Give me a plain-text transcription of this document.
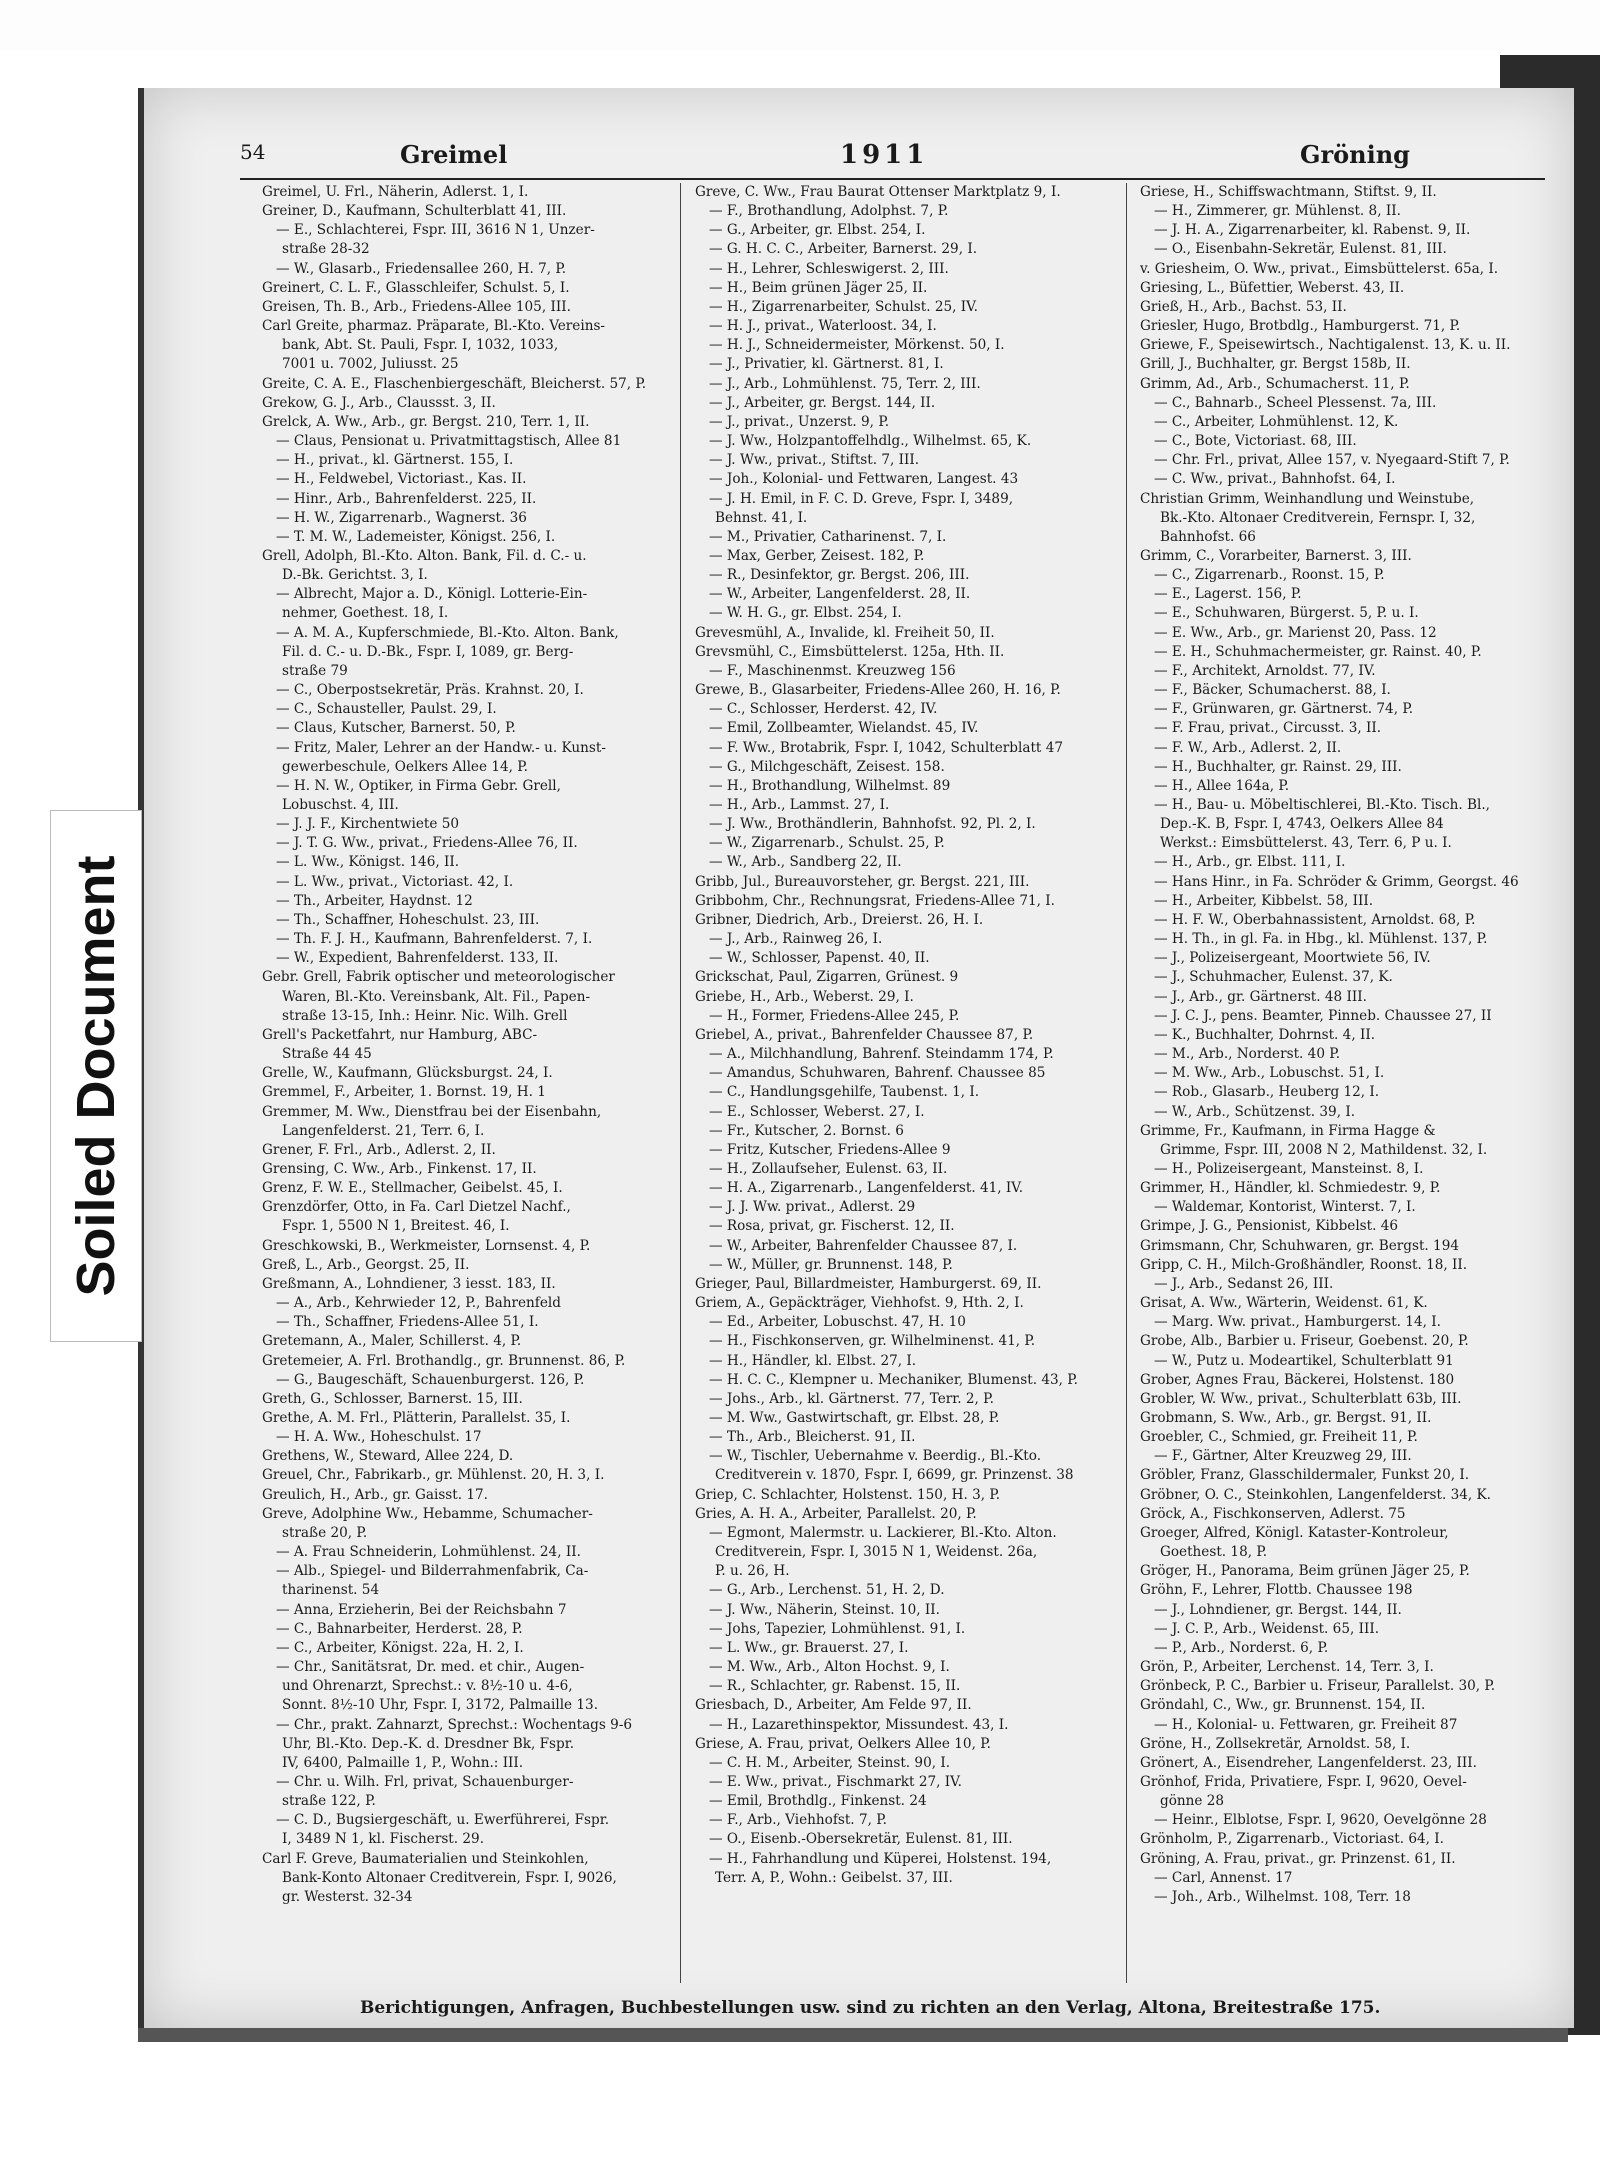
Soiled Document
54	Greimel	1911	Gröning
Greimel, U. Frl., Näherin, Adlerst. 1, I.
Greiner, D., Kaufmann, Schulterblatt 41, III.
— E., Schlachterei, Fspr. III, 3616 N 1, Unzer-
straße 28-32
— W., Glasarb., Friedensallee 260, H. 7, P.
Greinert, C. L. F., Glasschleifer, Schulst. 5, I.
Greisen, Th. B., Arb., Friedens-Allee 105, III.
Carl Greite, pharmaz. Präparate, Bl.-Kto. Vereins-
bank, Abt. St. Pauli, Fspr. I, 1032, 1033,
7001 u. 7002, Juliusst. 25
Greite, C. A. E., Flaschenbiergeschäft, Bleicherst. 57, P.
Grekow, G. J., Arb., Claussst. 3, II.
Grelck, A. Ww., Arb., gr. Bergst. 210, Terr. 1, II.
— Claus, Pensionat u. Privatmittagstisch, Allee 81
— H., privat., kl. Gärtnerst. 155, I.
— H., Feldwebel, Victoriast., Kas. II.
— Hinr., Arb., Bahrenfelderst. 225, II.
— H. W., Zigarrenarb., Wagnerst. 36
— T. M. W., Lademeister, Königst. 256, I.
Grell, Adolph, Bl.-Kto. Alton. Bank, Fil. d. C.- u.
D.-Bk. Gerichtst. 3, I.
— Albrecht, Major a. D., Königl. Lotterie-Ein-
nehmer, Goethest. 18, I.
— A. M. A., Kupferschmiede, Bl.-Kto. Alton. Bank,
Fil. d. C.- u. D.-Bk., Fspr. I, 1089, gr. Berg-
straße 79
— C., Oberpostsekretär, Präs. Krahnst. 20, I.
— C., Schausteller, Paulst. 29, I.
— Claus, Kutscher, Barnerst. 50, P.
— Fritz, Maler, Lehrer an der Handw.- u. Kunst-
gewerbeschule, Oelkers Allee 14, P.
— H. N. W., Optiker, in Firma Gebr. Grell,
Lobuschst. 4, III.
— J. J. F., Kirchentwiete 50
— J. T. G. Ww., privat., Friedens-Allee 76, II.
— L. Ww., Königst. 146, II.
— L. Ww., privat., Victoriast. 42, I.
— Th., Arbeiter, Haydnst. 12
— Th., Schaffner, Hoheschulst. 23, III.
— Th. F. J. H., Kaufmann, Bahrenfelderst. 7, I.
— W., Expedient, Bahrenfelderst. 133, II.
Gebr. Grell, Fabrik optischer und meteorologischer
Waren, Bl.-Kto. Vereinsbank, Alt. Fil., Papen-
straße 13-15, Inh.: Heinr. Nic. Wilh. Grell
Grell's Packetfahrt, nur Hamburg, ABC-
Straße 44 45
Grelle, W., Kaufmann, Glücksburgst. 24, I.
Gremmel, F., Arbeiter, 1. Bornst. 19, H. 1
Gremmer, M. Ww., Dienstfrau bei der Eisenbahn,
Langenfelderst. 21, Terr. 6, I.
Grener, F. Frl., Arb., Adlerst. 2, II.
Grensing, C. Ww., Arb., Finkenst. 17, II.
Grenz, F. W. E., Stellmacher, Geibelst. 45, I.
Grenzdörfer, Otto, in Fa. Carl Dietzel Nachf.,
Fspr. 1, 5500 N 1, Breitest. 46, I.
Greschkowski, B., Werkmeister, Lornsenst. 4, P.
Greß, L., Arb., Georgst. 25, II.
Greßmann, A., Lohndiener, 3 iesst. 183, II.
— A., Arb., Kehrwieder 12, P., Bahrenfeld
— Th., Schaffner, Friedens-Allee 51, I.
Gretemann, A., Maler, Schillerst. 4, P.
Gretemeier, A. Frl. Brothandlg., gr. Brunnenst. 86, P.
— G., Baugeschäft, Schauenburgerst. 126, P.
Greth, G., Schlosser, Barnerst. 15, III.
Grethe, A. M. Frl., Plätterin, Parallelst. 35, I.
— H. A. Ww., Hoheschulst. 17
Grethens, W., Steward, Allee 224, D.
Greuel, Chr., Fabrikarb., gr. Mühlenst. 20, H. 3, I.
Greulich, H., Arb., gr. Gaisst. 17.
Greve, Adolphine Ww., Hebamme, Schumacher-
straße 20, P.
— A. Frau Schneiderin, Lohmühlenst. 24, II.
— Alb., Spiegel- und Bilderrahmenfabrik, Ca-
tharinenst. 54
— Anna, Erzieherin, Bei der Reichsbahn 7
— C., Bahnarbeiter, Herderst. 28, P.
— C., Arbeiter, Königst. 22a, H. 2, I.
— Chr., Sanitätsrat, Dr. med. et chir., Augen-
und Ohrenarzt, Sprechst.: v. 8½-10 u. 4-6,
Sonnt. 8½-10 Uhr, Fspr. I, 3172, Palmaille 13.
— Chr., prakt. Zahnarzt, Sprechst.: Wochentags 9-6
Uhr, Bl.-Kto. Dep.-K. d. Dresdner Bk, Fspr.
IV, 6400, Palmaille 1, P., Wohn.: III.
— Chr. u. Wilh. Frl, privat, Schauenburger-
straße 122, P.
— C. D., Bugsiergeschäft, u. Ewerführerei, Fspr.
I, 3489 N 1, kl. Fischerst. 29.
Carl F. Greve, Baumaterialien und Steinkohlen,
Bank-Konto Altonaer Creditverein, Fspr. I, 9026,
gr. Westerst. 32-34
Greve, C. Ww., Frau Baurat Ottenser Marktplatz 9, I.
— F., Brothandlung, Adolphst. 7, P.
— G., Arbeiter, gr. Elbst. 254, I.
— G. H. C. C., Arbeiter, Barnerst. 29, I.
— H., Lehrer, Schleswigerst. 2, III.
— H., Beim grünen Jäger 25, II.
— H., Zigarrenarbeiter, Schulst. 25, IV.
— H. J., privat., Waterloost. 34, I.
— H. J., Schneidermeister, Mörkenst. 50, I.
— J., Privatier, kl. Gärtnerst. 81, I.
— J., Arb., Lohmühlenst. 75, Terr. 2, III.
— J., Arbeiter, gr. Bergst. 144, II.
— J., privat., Unzerst. 9, P.
— J. Ww., Holzpantoffelhdlg., Wilhelmst. 65, K.
— J. Ww., privat., Stiftst. 7, III.
— Joh., Kolonial- und Fettwaren, Langest. 43
— J. H. Emil, in F. C. D. Greve, Fspr. I, 3489,
Behnst. 41, I.
— M., Privatier, Catharinenst. 7, I.
— Max, Gerber, Zeisest. 182, P.
— R., Desinfektor, gr. Bergst. 206, III.
— W., Arbeiter, Langenfelderst. 28, II.
— W. H. G., gr. Elbst. 254, I.
Grevesmühl, A., Invalide, kl. Freiheit 50, II.
Grevsmühl, C., Eimsbüttelerst. 125a, Hth. II.
— F., Maschinenmst. Kreuzweg 156
Grewe, B., Glasarbeiter, Friedens-Allee 260, H. 16, P.
— C., Schlosser, Herderst. 42, IV.
— Emil, Zollbeamter, Wielandst. 45, IV.
— F. Ww., Brotabrik, Fspr. I, 1042, Schulterblatt 47
— G., Milchgeschäft, Zeisest. 158.
— H., Brothandlung, Wilhelmst. 89
— H., Arb., Lammst. 27, I.
— J. Ww., Brothändlerin, Bahnhofst. 92, Pl. 2, I.
— W., Zigarrenarb., Schulst. 25, P.
— W., Arb., Sandberg 22, II.
Gribb, Jul., Bureauvorsteher, gr. Bergst. 221, III.
Gribbohm, Chr., Rechnungsrat, Friedens-Allee 71, I.
Gribner, Diedrich, Arb., Dreierst. 26, H. I.
— J., Arb., Rainweg 26, I.
— W., Schlosser, Papenst. 40, II.
Grickschat, Paul, Zigarren, Grünest. 9
Griebe, H., Arb., Weberst. 29, I.
— H., Former, Friedens-Allee 245, P.
Griebel, A., privat., Bahrenfelder Chaussee 87, P.
— A., Milchhandlung, Bahrenf. Steindamm 174, P.
— Amandus, Schuhwaren, Bahrenf. Chaussee 85
— C., Handlungsgehilfe, Taubenst. 1, I.
— E., Schlosser, Weberst. 27, I.
— Fr., Kutscher, 2. Bornst. 6
— Fritz, Kutscher, Friedens-Allee 9
— H., Zollaufseher, Eulenst. 63, II.
— H. A., Zigarrenarb., Langenfelderst. 41, IV.
— J. J. Ww. privat., Adlerst. 29
— Rosa, privat, gr. Fischerst. 12, II.
— W., Arbeiter, Bahrenfelder Chaussee 87, I.
— W., Müller, gr. Brunnenst. 148, P.
Grieger, Paul, Billardmeister, Hamburgerst. 69, II.
Griem, A., Gepäckträger, Viehhofst. 9, Hth. 2, I.
— Ed., Arbeiter, Lobuschst. 47, H. 10
— H., Fischkonserven, gr. Wilhelminenst. 41, P.
— H., Händler, kl. Elbst. 27, I.
— H. C. C., Klempner u. Mechaniker, Blumenst. 43, P.
— Johs., Arb., kl. Gärtnerst. 77, Terr. 2, P.
— M. Ww., Gastwirtschaft, gr. Elbst. 28, P.
— Th., Arb., Bleicherst. 91, II.
— W., Tischler, Uebernahme v. Beerdig., Bl.-Kto.
Creditverein v. 1870, Fspr. I, 6699, gr. Prinzenst. 38
Griep, C. Schlachter, Holstenst. 150, H. 3, P.
Gries, A. H. A., Arbeiter, Parallelst. 20, P.
— Egmont, Malermstr. u. Lackierer, Bl.-Kto. Alton.
Creditverein, Fspr. I, 3015 N 1, Weidenst. 26a,
P. u. 26, H.
— G., Arb., Lerchenst. 51, H. 2, D.
— J. Ww., Näherin, Steinst. 10, II.
— Johs, Tapezier, Lohmühlenst. 91, I.
— L. Ww., gr. Brauerst. 27, I.
— M. Ww., Arb., Alton Hochst. 9, I.
— R., Schlachter, gr. Rabenst. 15, II.
Griesbach, D., Arbeiter, Am Felde 97, II.
— H., Lazarethinspektor, Missundest. 43, I.
Griese, A. Frau, privat, Oelkers Allee 10, P.
— C. H. M., Arbeiter, Steinst. 90, I.
— E. Ww., privat., Fischmarkt 27, IV.
— Emil, Brothdlg., Finkenst. 24
— F., Arb., Viehhofst. 7, P.
— O., Eisenb.-Obersekretär, Eulenst. 81, III.
— H., Fahrhandlung und Küperei, Holstenst. 194,
Terr. A, P., Wohn.: Geibelst. 37, III.
Griese, H., Schiffswachtmann, Stiftst. 9, II.
— H., Zimmerer, gr. Mühlenst. 8, II.
— J. H. A., Zigarrenarbeiter, kl. Rabenst. 9, II.
— O., Eisenbahn-Sekretär, Eulenst. 81, III.
v. Griesheim, O. Ww., privat., Eimsbüttelerst. 65a, I.
Griesing, L., Büfettier, Weberst. 43, II.
Grieß, H., Arb., Bachst. 53, II.
Griesler, Hugo, Brotbdlg., Hamburgerst. 71, P.
Griewe, F., Speisewirtsch., Nachtigalenst. 13, K. u. II.
Grill, J., Buchhalter, gr. Bergst 158b, II.
Grimm, Ad., Arb., Schumacherst. 11, P.
— C., Bahnarb., Scheel Plessenst. 7a, III.
— C., Arbeiter, Lohmühlenst. 12, K.
— C., Bote, Victoriast. 68, III.
— Chr. Frl., privat, Allee 157, v. Nyegaard-Stift 7, P.
— C. Ww., privat., Bahnhofst. 64, I.
Christian Grimm, Weinhandlung und Weinstube,
Bk.-Kto. Altonaer Creditverein, Fernspr. I, 32,
Bahnhofst. 66
Grimm, C., Vorarbeiter, Barnerst. 3, III.
— C., Zigarrenarb., Roonst. 15, P.
— E., Lagerst. 156, P.
— E., Schuhwaren, Bürgerst. 5, P. u. I.
— E. Ww., Arb., gr. Marienst 20, Pass. 12
— E. H., Schuhmachermeister, gr. Rainst. 40, P.
— F., Architekt, Arnoldst. 77, IV.
— F., Bäcker, Schumacherst. 88, I.
— F., Grünwaren, gr. Gärtnerst. 74, P.
— F. Frau, privat., Circusst. 3, II.
— F. W., Arb., Adlerst. 2, II.
— H., Buchhalter, gr. Rainst. 29, III.
— H., Allee 164a, P.
— H., Bau- u. Möbeltischlerei, Bl.-Kto. Tisch. Bl.,
Dep.-K. B, Fspr. I, 4743, Oelkers Allee 84
Werkst.: Eimsbüttelerst. 43, Terr. 6, P u. I.
— H., Arb., gr. Elbst. 111, I.
— Hans Hinr., in Fa. Schröder & Grimm, Georgst. 46
— H., Arbeiter, Kibbelst. 58, III.
— H. F. W., Oberbahnassistent, Arnoldst. 68, P.
— H. Th., in gl. Fa. in Hbg., kl. Mühlenst. 137, P.
— J., Polizeisergeant, Moortwiete 56, IV.
— J., Schuhmacher, Eulenst. 37, K.
— J., Arb., gr. Gärtnerst. 48 III.
— J. C. J., pens. Beamter, Pinneb. Chaussee 27, II
— K., Buchhalter, Dohrnst. 4, II.
— M., Arb., Norderst. 40 P.
— M. Ww., Arb., Lobuschst. 51, I.
— Rob., Glasarb., Heuberg 12, I.
— W., Arb., Schützenst. 39, I.
Grimme, Fr., Kaufmann, in Firma Hagge &
Grimme, Fspr. III, 2008 N 2, Mathildenst. 32, I.
— H., Polizeisergeant, Mansteinst. 8, I.
Grimmer, H., Händler, kl. Schmiedestr. 9, P.
— Waldemar, Kontorist, Winterst. 7, I.
Grimpe, J. G., Pensionist, Kibbelst. 46
Grimsmann, Chr, Schuhwaren, gr. Bergst. 194
Gripp, C. H., Milch-Großhändler, Roonst. 18, II.
— J., Arb., Sedanst 26, III.
Grisat, A. Ww., Wärterin, Weidenst. 61, K.
— Marg. Ww. privat., Hamburgerst. 14, I.
Grobe, Alb., Barbier u. Friseur, Goebenst. 20, P.
— W., Putz u. Modeartikel, Schulterblatt 91
Grober, Agnes Frau, Bäckerei, Holstenst. 180
Grobler, W. Ww., privat., Schulterblatt 63b, III.
Grobmann, S. Ww., Arb., gr. Bergst. 91, II.
Groebler, C., Schmied, gr. Freiheit 11, P.
— F., Gärtner, Alter Kreuzweg 29, III.
Gröbler, Franz, Glasschildermaler, Funkst 20, I.
Gröbner, O. C., Steinkohlen, Langenfelderst. 34, K.
Gröck, A., Fischkonserven, Adlerst. 75
Groeger, Alfred, Königl. Kataster-Kontroleur,
Goethest. 18, P.
Gröger, H., Panorama, Beim grünen Jäger 25, P.
Gröhn, F., Lehrer, Flottb. Chaussee 198
— J., Lohndiener, gr. Bergst. 144, II.
— J. C. P., Arb., Weidenst. 65, III.
— P., Arb., Norderst. 6, P.
Grön, P., Arbeiter, Lerchenst. 14, Terr. 3, I.
Grönbeck, P. C., Barbier u. Friseur, Parallelst. 30, P.
Gröndahl, C., Ww., gr. Brunnenst. 154, II.
— H., Kolonial- u. Fettwaren, gr. Freiheit 87
Gröne, H., Zollsekretär, Arnoldst. 58, I.
Grönert, A., Eisendreher, Langenfelderst. 23, III.
Grönhof, Frida, Privatiere, Fspr. I, 9620, Oevel-
gönne 28
— Heinr., Elblotse, Fspr. I, 9620, Oevelgönne 28
Grönholm, P., Zigarrenarb., Victoriast. 64, I.
Gröning, A. Frau, privat., gr. Prinzenst. 61, II.
— Carl, Annenst. 17
— Joh., Arb., Wilhelmst. 108, Terr. 18
Berichtigungen, Anfragen, Buchbestellungen usw. sind zu richten an den Verlag, Altona, Breitestraße 175.
